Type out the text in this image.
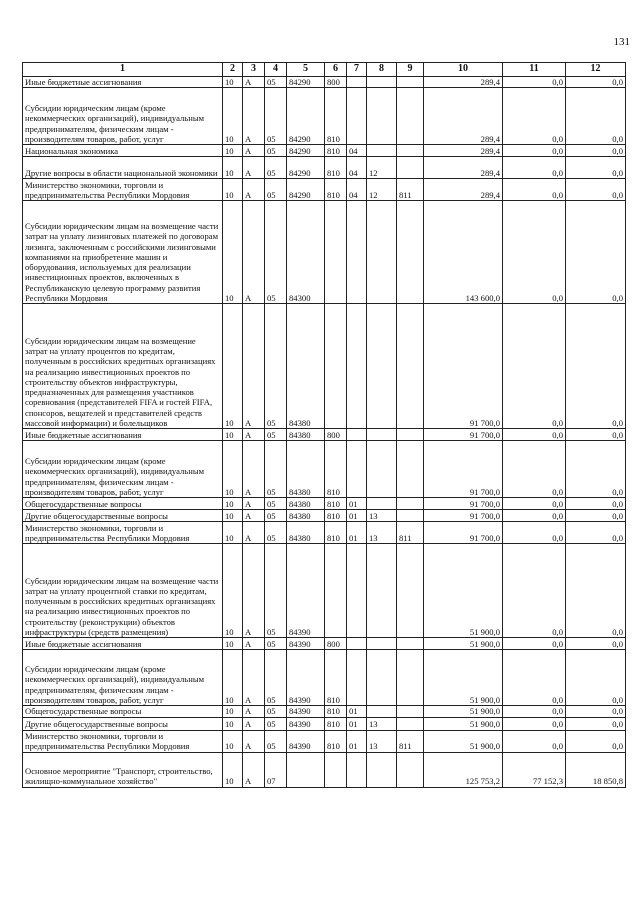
131
1	2	3	4	5	6	7	8	9	10	11	12
Иные бюджетные ассигнования	10	А	05	84290	800				289,4	0,0	0,0
Субсидии юридическим лицам (кроме некоммерческих организаций), индивидуальным предпринимателям, физическим лицам - производителям товаров, работ, услуг	10	А	05	84290	810				289,4	0,0	0,0
Национальная экономика	10	А	05	84290	810	04			289,4	0,0	0,0
Другие вопросы в области национальной экономики	10	А	05	84290	810	04	12		289,4	0,0	0,0
Министерство экономики, торговли и предпринимательства Республики Мордовия	10	А	05	84290	810	04	12	811	289,4	0,0	0,0
Субсидии юридическим лицам на возмещение части затрат на уплату лизинговых платежей по договорам лизинга, заключенным с российскими лизинговыми компаниями на приобретение машин и оборудования, используемых для реализации инвестиционных проектов, включенных в Республиканскую целевую программу развития Республики Мордовия	10	А	05	84300					143 600,0	0,0	0,0
Субсидии юридическим лицам на возмещение затрат на уплату процентов по кредитам, полученным в российских кредитных организациях на реализацию инвестиционных проектов по строительству объектов инфраструктуры, предназначенных для размещения участников соревнования (представителей FIFA и гостей FIFA, спонсоров, вещателей и представителей средств массовой информации) и болельщиков	10	А	05	84380					91 700,0	0,0	0,0
Иные бюджетные ассигнования	10	А	05	84380	800				91 700,0	0,0	0,0
Субсидии юридическим лицам (кроме некоммерческих организаций), индивидуальным предпринимателям, физическим лицам - производителям товаров, работ, услуг	10	А	05	84380	810				91 700,0	0,0	0,0
Общегосударственные вопросы	10	А	05	84380	810	01			91 700,0	0,0	0,0
Другие общегосударственные вопросы	10	А	05	84380	810	01	13		91 700,0	0,0	0,0
Министерство экономики, торговли и предпринимательства Республики Мордовия	10	А	05	84380	810	01	13	811	91 700,0	0,0	0,0
Субсидии юридическим лицам на возмещение части затрат на уплату процентной ставки по кредитам, полученным в российских кредитных организациях на реализацию инвестиционных проектов по строительству (реконструкции) объектов инфраструктуры (средств размещения)	10	А	05	84390					51 900,0	0,0	0,0
Иные бюджетные ассигнования	10	А	05	84390	800				51 900,0	0,0	0,0
Субсидии юридическим лицам (кроме некоммерческих организаций), индивидуальным предпринимателям, физическим лицам - производителям товаров, работ, услуг	10	А	05	84390	810				51 900,0	0,0	0,0
Общегосударственные вопросы	10	А	05	84390	810	01			51 900,0	0,0	0,0
Другие общегосударственные вопросы	10	А	05	84390	810	01	13		51 900,0	0,0	0,0
Министерство экономики, торговли и предпринимательства Республики Мордовия	10	А	05	84390	810	01	13	811	51 900,0	0,0	0,0
Основное мероприятие "Транспорт, строительство, жилищно-коммунальное хозяйство"	10	А	07						125 753,2	77 152,3	18 850,8
